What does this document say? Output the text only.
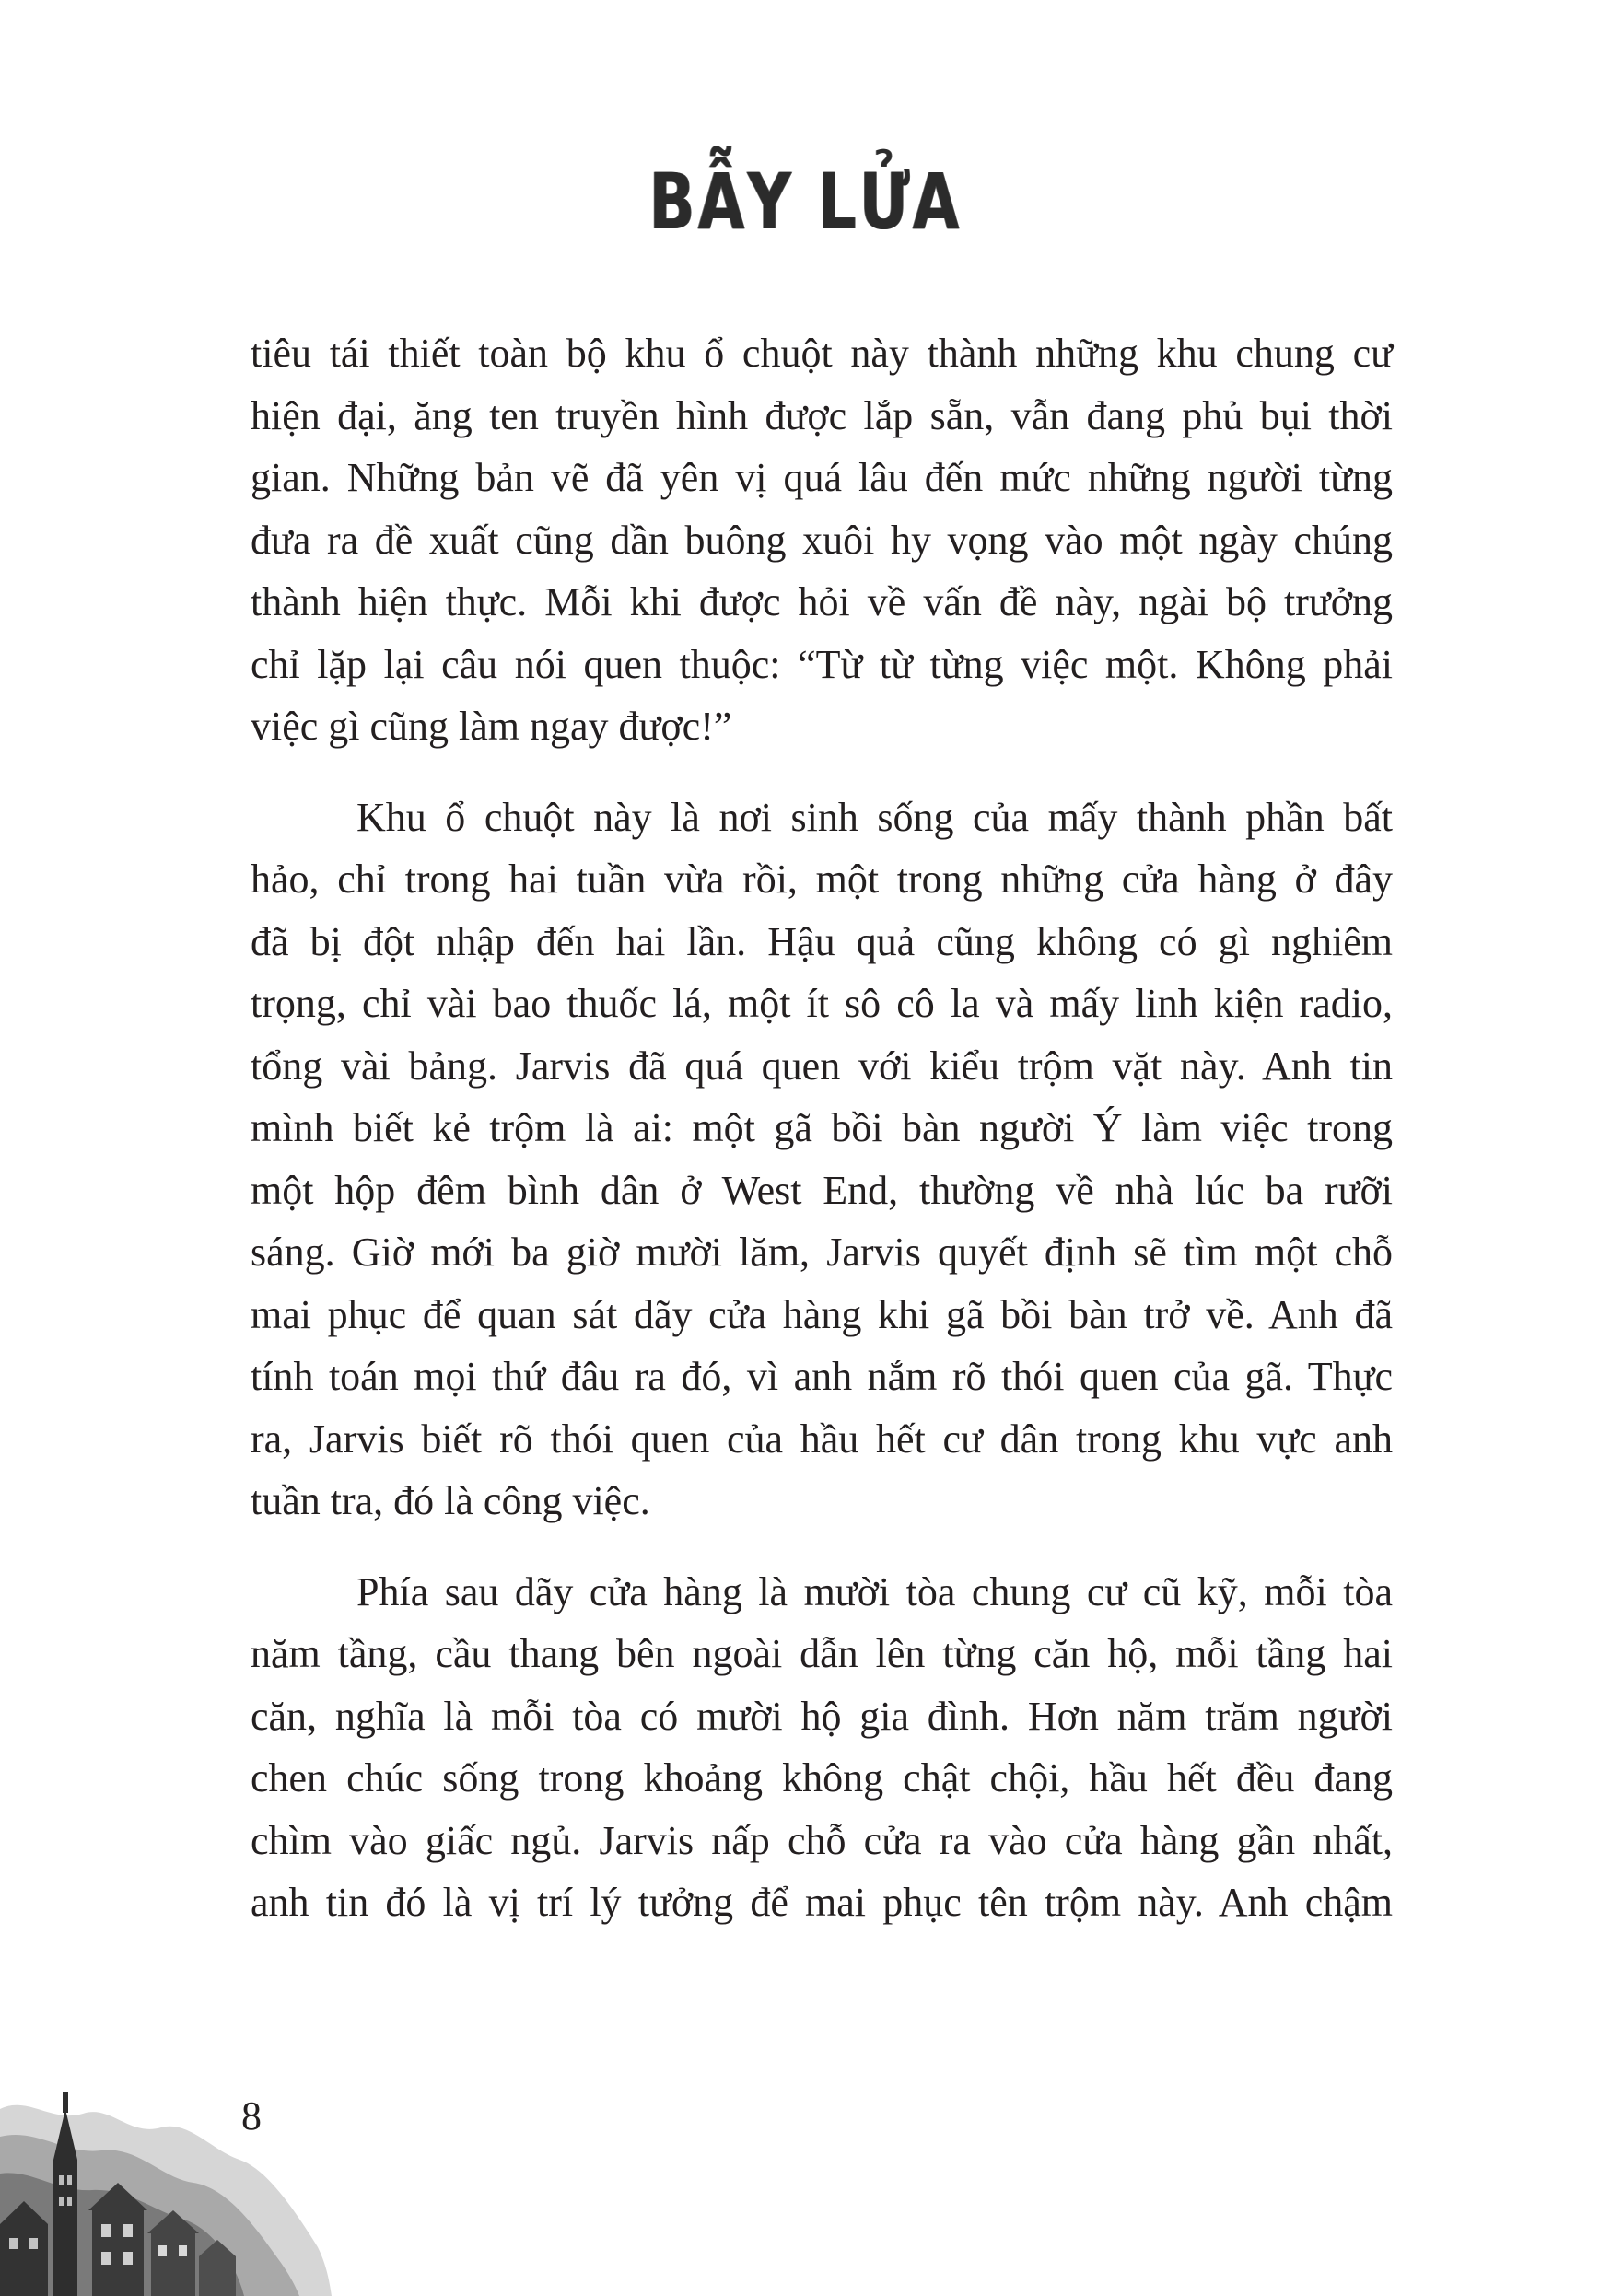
BẪY LỬA

tiêu tái thiết toàn bộ khu ổ chuột này thành những khu chung cư
hiện đại, ăng ten truyền hình được lắp sẵn, vẫn đang phủ bụi thời
gian. Những bản vẽ đã yên vị quá lâu đến mức những người từng
đưa ra đề xuất cũng dần buông xuôi hy vọng vào một ngày chúng
thành hiện thực. Mỗi khi được hỏi về vấn đề này, ngài bộ trưởng
chỉ lặp lại câu nói quen thuộc: “Từ từ từng việc một. Không phải
việc gì cũng làm ngay được!”

Khu ổ chuột này là nơi sinh sống của mấy thành phần bất
hảo, chỉ trong hai tuần vừa rồi, một trong những cửa hàng ở đây
đã bị đột nhập đến hai lần. Hậu quả cũng không có gì nghiêm
trọng, chỉ vài bao thuốc lá, một ít sô cô la và mấy linh kiện radio,
tổng vài bảng. Jarvis đã quá quen với kiểu trộm vặt này. Anh tin
mình biết kẻ trộm là ai: một gã bồi bàn người Ý làm việc trong
một hộp đêm bình dân ở West End, thường về nhà lúc ba rưỡi
sáng. Giờ mới ba giờ mười lăm, Jarvis quyết định sẽ tìm một chỗ
mai phục để quan sát dãy cửa hàng khi gã bồi bàn trở về. Anh đã
tính toán mọi thứ đâu ra đó, vì anh nắm rõ thói quen của gã. Thực
ra, Jarvis biết rõ thói quen của hầu hết cư dân trong khu vực anh
tuần tra, đó là công việc.

Phía sau dãy cửa hàng là mười tòa chung cư cũ kỹ, mỗi tòa
năm tầng, cầu thang bên ngoài dẫn lên từng căn hộ, mỗi tầng hai
căn, nghĩa là mỗi tòa có mười hộ gia đình. Hơn năm trăm người
chen chúc sống trong khoảng không chật chội, hầu hết đều đang
chìm vào giấc ngủ. Jarvis nấp chỗ cửa ra vào cửa hàng gần nhất,
anh tin đó là vị trí lý tưởng để mai phục tên trộm này. Anh chậm

8
